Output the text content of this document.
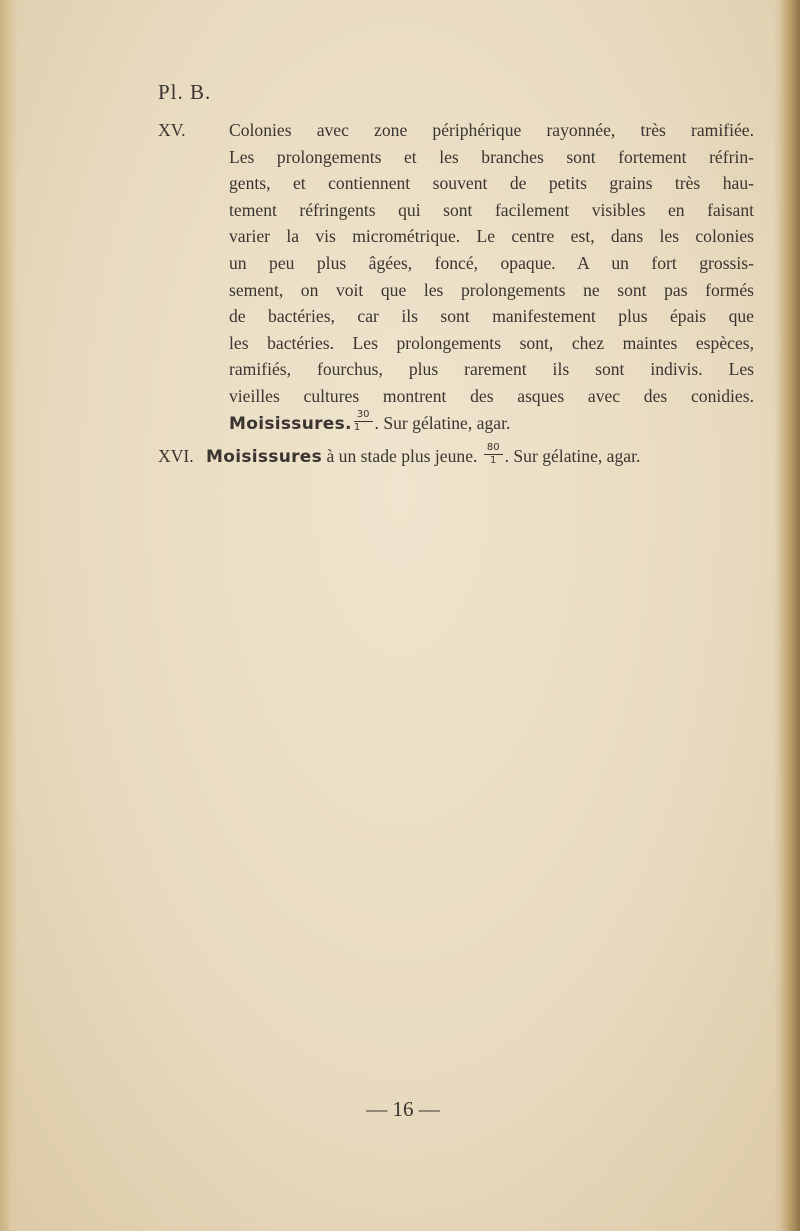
Pl. B.
XV. Colonies avec zone périphérique rayonnée, très ramifiée.
Les prolongements et les branches sont fortement réfrin-
gents, et contiennent souvent de petits grains très hau-
tement réfringents qui sont facilement visibles en faisant
varier la vis micrométrique. Le centre est, dans les colonies
un peu plus âgées, foncé, opaque. A un fort grossis-
sement, on voit que les prolongements ne sont pas formés
de bactéries, car ils sont manifestement plus épais que
les bactéries. Les prolongements sont, chez maintes espèces,
ramifiés, fourchus, plus rarement ils sont indivis. Les
vieilles cultures montrent des asques avec des conidies.
Moisissures. $\frac{30}{1}$ . Sur gélatine, agar.
XVI. Moisissures à un stade plus jeune. $\frac{80}{1}$ . Sur gélatine, agar.
— 16 —
